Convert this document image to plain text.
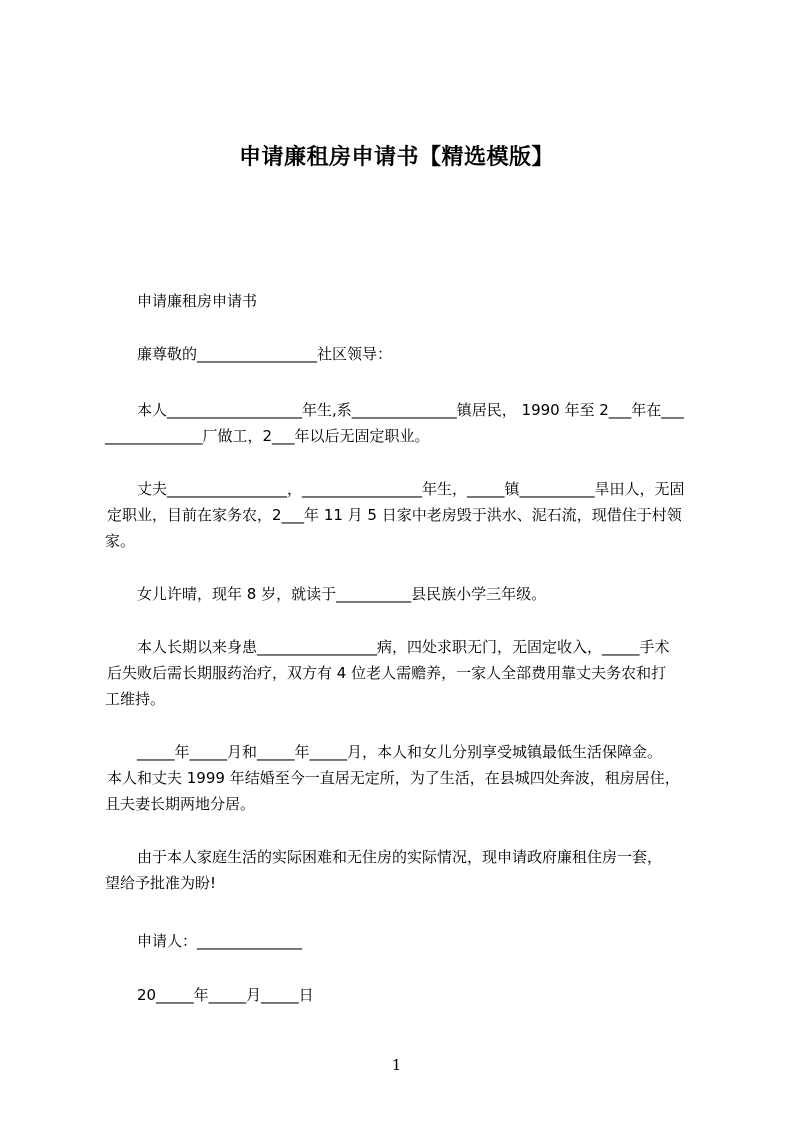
申请廉租房申请书【精选模版】
申请廉租房申请书
廉尊敬的________________社区领导：
本人__________________年生,系______________镇居民， 1990 年至 2___年在___
_____________厂做工，2___年以后无固定职业。
丈夫________________，________________年生，_____镇__________旱田人，无固
定职业，目前在家务农，2___年 11 月 5 日家中老房毁于洪水、泥石流，现借住于村领
家。
女儿许晴，现年 8 岁，就读于__________县民族小学三年级。
本人长期以来身患________________病，四处求职无门，无固定收入，_____手术
后失败后需长期服药治疗，双方有 4 位老人需赡养，一家人全部费用靠丈夫务农和打
工维持。
_____年_____月和_____年_____月，本人和女儿分别享受城镇最低生活保障金。
本人和丈夫 1999 年结婚至今一直居无定所，为了生活，在县城四处奔波，租房居住，
且夫妻长期两地分居。
由于本人家庭生活的实际困难和无住房的实际情况，现申请政府廉租住房一套，
望给予批准为盼!
申请人：______________
20_____年_____月_____日
1
